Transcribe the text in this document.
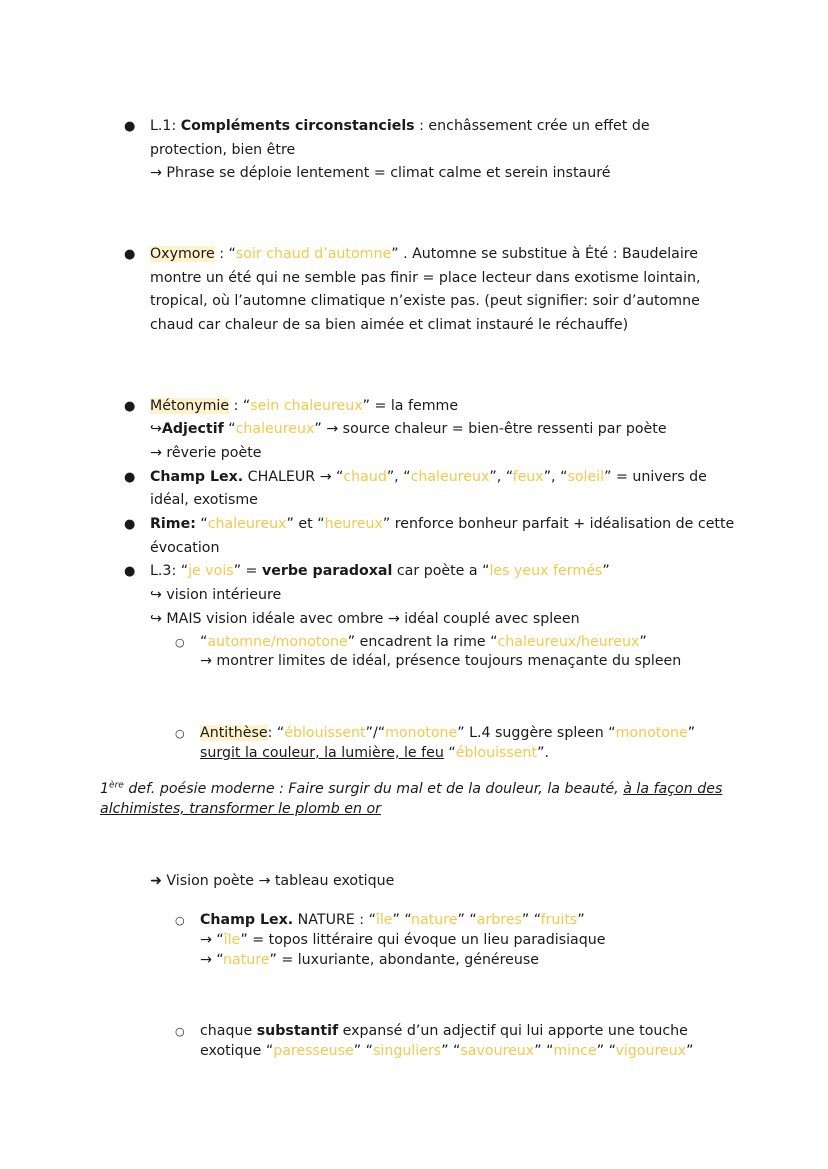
● L.1: Compléments circonstanciels : enchâssement crée un effet de
protection, bien être
→ Phrase se déploie lentement = climat calme et serein instauré
● Oxymore : “soir chaud d’automne” . Automne se substitue à Été : Baudelaire
montre un été qui ne semble pas finir = place lecteur dans exotisme lointain,
tropical, où l’automne climatique n’existe pas. (peut signifier: soir d’automne
chaud car chaleur de sa bien aimée et climat instauré le réchauffe)
● Métonymie : “sein chaleureux” = la femme
↪Adjectif “chaleureux” → source chaleur = bien-être ressenti par poète
→ rêverie poète
● Champ Lex. CHALEUR → “chaud”, “chaleureux”, “feux”, “soleil” = univers de
idéal, exotisme
● Rime: “chaleureux” et “heureux” renforce bonheur parfait + idéalisation de cette
évocation
● L.3: “je vois” = verbe paradoxal car poète a “les yeux fermés”
↪ vision intérieure
↪ MAIS vision idéale avec ombre → idéal couplé avec spleen
○ “automne/monotone” encadrent la rime “chaleureux/heureux”
→ montrer limites de idéal, présence toujours menaçante du spleen
○ Antithèse: “éblouissent”/“monotone” L.4 suggère spleen “monotone”
surgit la couleur, la lumière, le feu “éblouissent”.
1ère def. poésie moderne : Faire surgir du mal et de la douleur, la beauté, à la façon des
alchimistes, transformer le plomb en or
➜ Vision poète → tableau exotique
○ Champ Lex. NATURE : “île” “nature” “arbres” “fruits”
→ “île” = topos littéraire qui évoque un lieu paradisiaque
→ “nature” = luxuriante, abondante, généreuse
○ chaque substantif expansé d’un adjectif qui lui apporte une touche
exotique “paresseuse” “singuliers” “savoureux” “mince” “vigoureux”
